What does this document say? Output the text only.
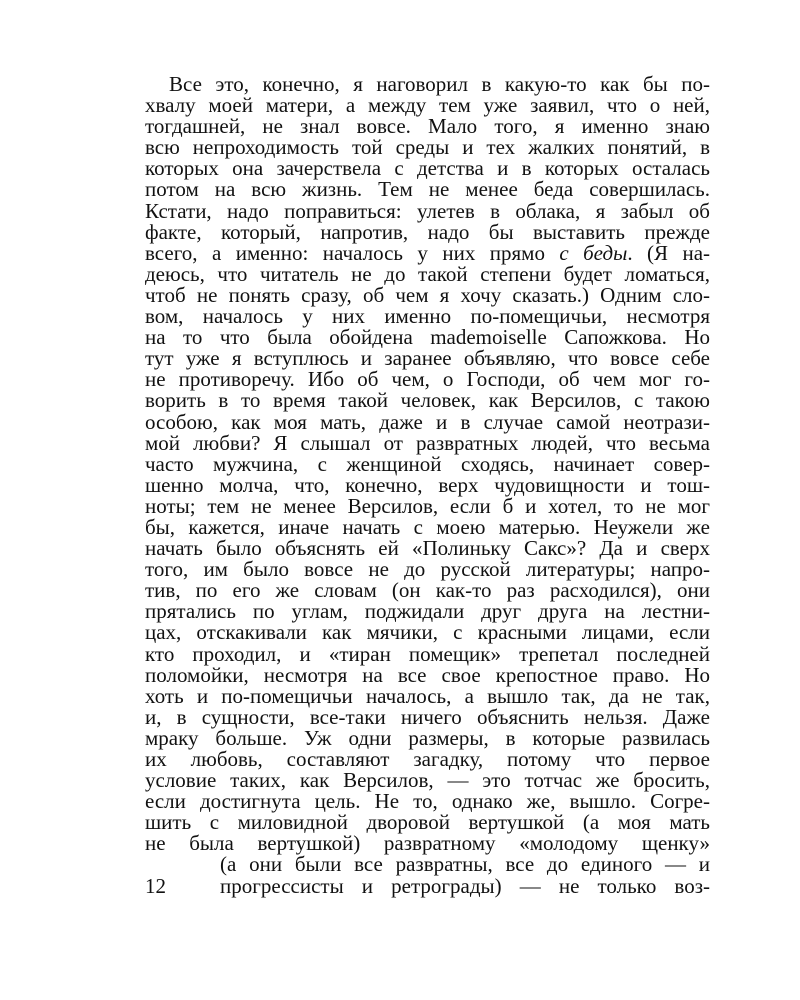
Все это, конечно, я наговорил в какую-то как бы по-
хвалу моей матери, а между тем уже заявил, что о ней,
тогдашней, не знал вовсе. Мало того, я именно знаю
всю непроходимость той среды и тех жалких понятий, в
которых она зачерствела с детства и в которых осталась
потом на всю жизнь. Тем не менее беда совершилась.
Кстати, надо поправиться: улетев в облака, я забыл об
факте, который, напротив, надо бы выставить прежде
всего, а именно: началось у них прямо с беды. (Я на-
деюсь, что читатель не до такой степени будет ломаться,
чтоб не понять сразу, об чем я хочу сказать.) Одним сло-
вом, началось у них именно по-помещичьи, несмотря
на то что была обойдена mademoiselle Сапожкова. Но
тут уже я вступлюсь и заранее объявляю, что вовсе себе
не противоречу. Ибо об чем, о Господи, об чем мог го-
ворить в то время такой человек, как Версилов, с такою
особою, как моя мать, даже и в случае самой неотрази-
мой любви? Я слышал от развратных людей, что весьма
часто мужчина, с женщиной сходясь, начинает совер-
шенно молча, что, конечно, верх чудовищности и тош-
ноты; тем не менее Версилов, если б и хотел, то не мог
бы, кажется, иначе начать с моею матерью. Неужели же
начать было объяснять ей «Полиньку Сакс»? Да и сверх
того, им было вовсе не до русской литературы; напро-
тив, по его же словам (он как-то раз расходился), они
прятались по углам, поджидали друг друга на лестни-
цах, отскакивали как мячики, с красными лицами, если
кто проходил, и «тиран помещик» трепетал последней
поломойки, несмотря на все свое крепостное право. Но
хоть и по-помещичьи началось, а вышло так, да не так,
и, в сущности, все-таки ничего объяснить нельзя. Даже
мраку больше. Уж одни размеры, в которые развилась
их любовь, составляют загадку, потому что первое
условие таких, как Версилов, — это тотчас же бросить,
если достигнута цель. Не то, однако же, вышло. Согре-
шить с миловидной дворовой вертушкой (а моя мать
не была вертушкой) развратному «молодому щенку»
(а они были все развратны, все до единого — и
12	прогрессисты и ретрограды) — не только воз-
